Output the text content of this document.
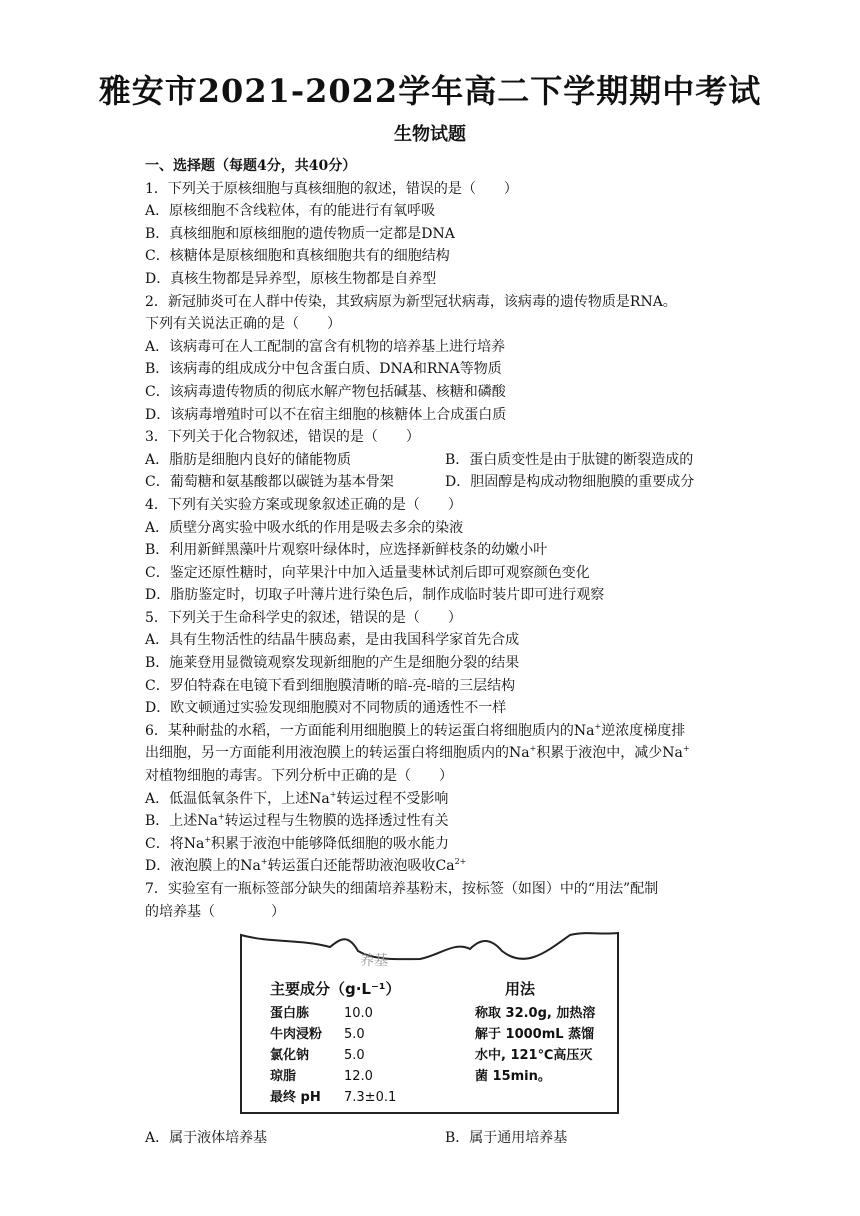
雅安市2021-2022学年高二下学期期中考试
生物试题
一、选择题（每题4分，共40分）
1．下列关于原核细胞与真核细胞的叙述，错误的是（　　）
A．原核细胞不含线粒体，有的能进行有氧呼吸
B．真核细胞和原核细胞的遗传物质一定都是DNA
C．核糖体是原核细胞和真核细胞共有的细胞结构
D．真核生物都是异养型，原核生物都是自养型
2．新冠肺炎可在人群中传染，其致病原为新型冠状病毒，该病毒的遗传物质是RNA。
下列有关说法正确的是（　　）
A．该病毒可在人工配制的富含有机物的培养基上进行培养
B．该病毒的组成成分中包含蛋白质、DNA和RNA等物质
C．该病毒遗传物质的彻底水解产物包括碱基、核糖和磷酸
D．该病毒增殖时可以不在宿主细胞的核糖体上合成蛋白质
3．下列关于化合物叙述，错误的是（　　）
A．脂肪是细胞内良好的储能物质	B．蛋白质变性是由于肽键的断裂造成的
C．葡萄糖和氨基酸都以碳链为基本骨架	D．胆固醇是构成动物细胞膜的重要成分
4．下列有关实验方案或现象叙述正确的是（　　）
A．质壁分离实验中吸水纸的作用是吸去多余的染液
B．利用新鲜黑藻叶片观察叶绿体时，应选择新鲜枝条的幼嫩小叶
C．鉴定还原性糖时，向苹果汁中加入适量斐林试剂后即可观察颜色变化
D．脂肪鉴定时，切取子叶薄片进行染色后，制作成临时装片即可进行观察
5．下列关于生命科学史的叙述，错误的是（　　）
A．具有生物活性的结晶牛胰岛素，是由我国科学家首先合成
B．施莱登用显微镜观察发现新细胞的产生是细胞分裂的结果
C．罗伯特森在电镜下看到细胞膜清晰的暗-亮-暗的三层结构
D．欧文顿通过实验发现细胞膜对不同物质的通透性不一样
6．某种耐盐的水稻，一方面能利用细胞膜上的转运蛋白将细胞质内的Na+逆浓度梯度排
出细胞，另一方面能利用液泡膜上的转运蛋白将细胞质内的Na+积累于液泡中，减少Na+
对植物细胞的毒害。下列分析中正确的是（　　）
A．低温低氧条件下，上述Na+转运过程不受影响
B．上述Na+转运过程与生物膜的选择透过性有关
C．将Na+积累于液泡中能够降低细胞的吸水能力
D．液泡膜上的Na+转运蛋白还能帮助液泡吸收$Ca^{2+}$
7．实验室有一瓶标签部分缺失的细菌培养基粉末，按标签（如图）中的“用法”配制
的培养基（　　　　）
养基
主要成分（g·L⁻¹）
蛋白胨	10.0
牛肉浸粉	5.0
氯化钠	5.0
琼脂	12.0
最终 pH	7.3±0.1
用法
称取 32.0g, 加热溶
解于 1000mL 蒸馏
水中, 121℃高压灭
菌 15min。
A．属于液体培养基	B．属于通用培养基
